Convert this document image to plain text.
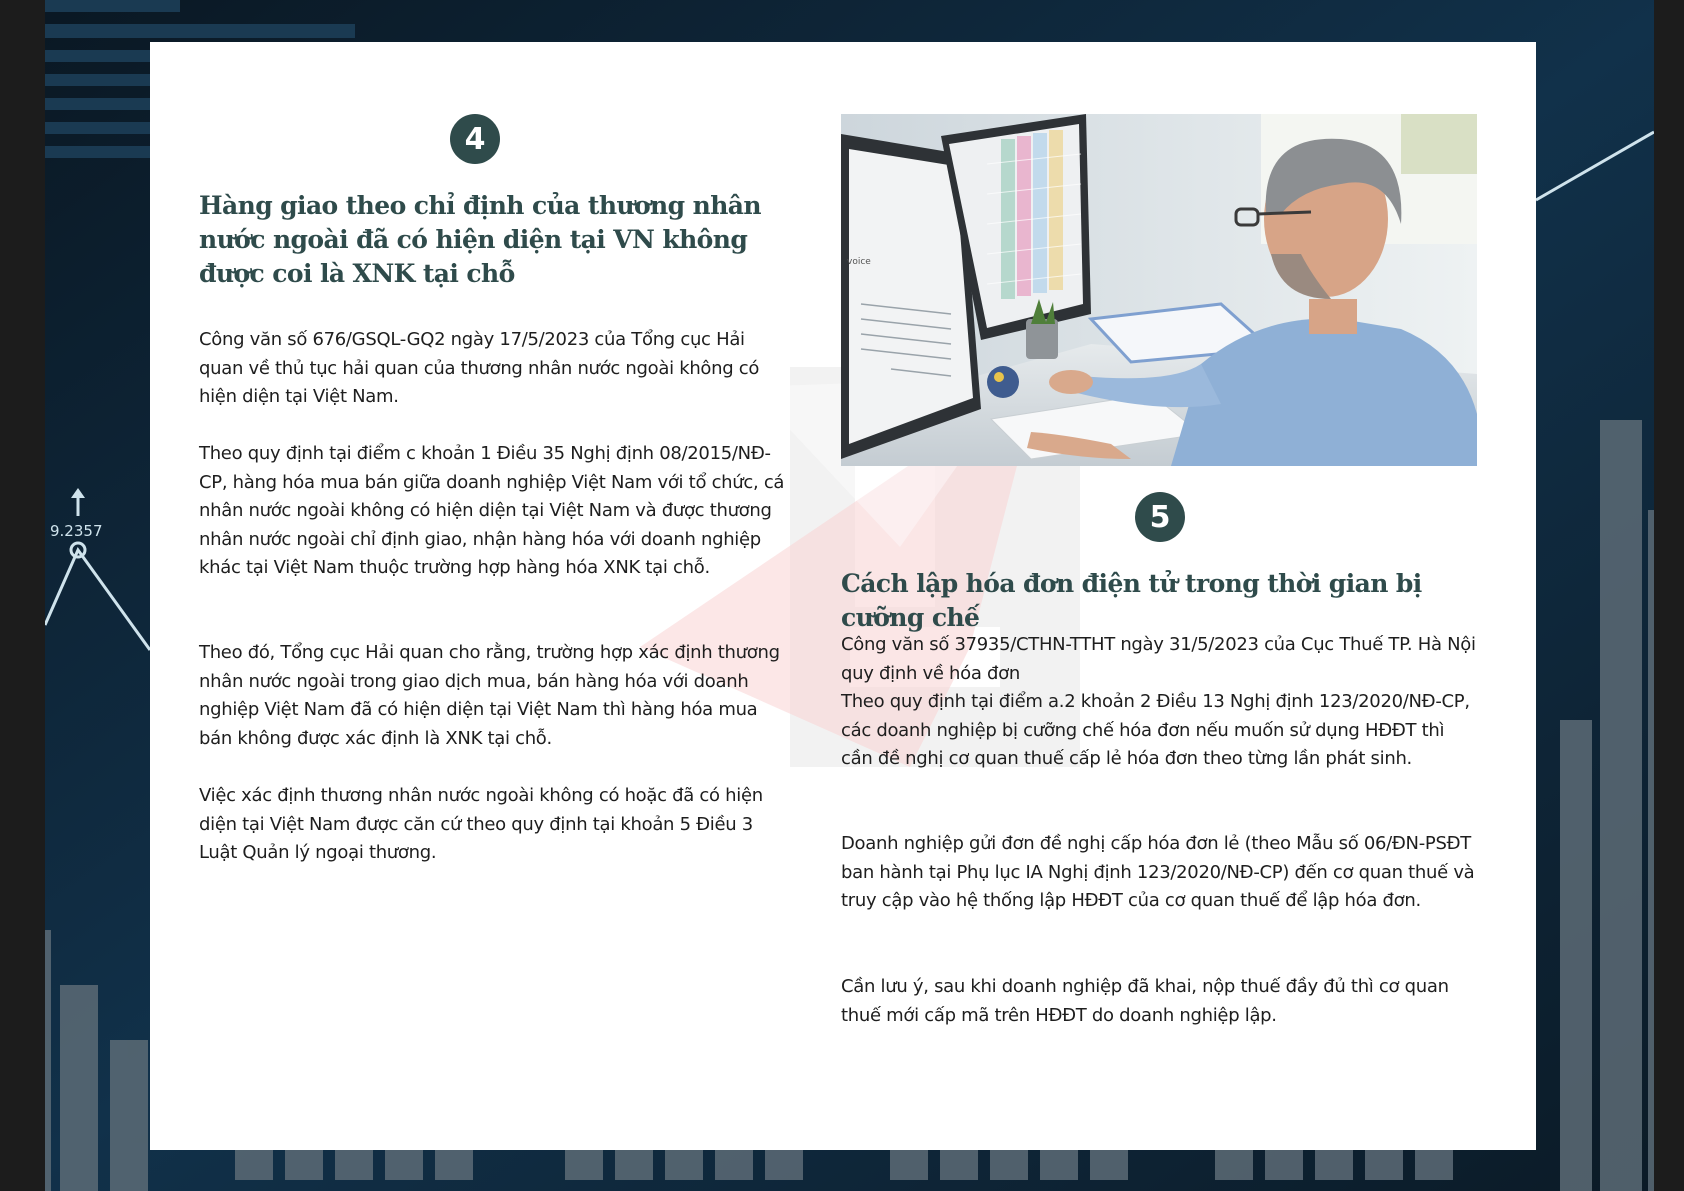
9.2357
4
Hàng giao theo chỉ định của thương nhân nước ngoài đã có hiện diện tại VN không được coi là XNK tại chỗ

Công văn số 676/GSQL-GQ2 ngày 17/5/2023 của Tổng cục Hải quan về thủ tục hải quan của thương nhân nước ngoài không có hiện diện tại Việt Nam.

Theo quy định tại điểm c khoản 1 Điều 35 Nghị định 08/2015/NĐ-CP, hàng hóa mua bán giữa doanh nghiệp Việt Nam với tổ chức, cá nhân nước ngoài không có hiện diện tại Việt Nam và được thương nhân nước ngoài chỉ định giao, nhận hàng hóa với doanh nghiệp khác tại Việt Nam thuộc trường hợp hàng hóa XNK tại chỗ.

Theo đó, Tổng cục Hải quan cho rằng, trường hợp xác định thương nhân nước ngoài trong giao dịch mua, bán hàng hóa với doanh nghiệp Việt Nam đã có hiện diện tại Việt Nam thì hàng hóa mua bán không được xác định là XNK tại chỗ.

Việc xác định thương nhân nước ngoài không có hoặc đã có hiện diện tại Việt Nam được căn cứ theo quy định tại khoản 5 Điều 3 Luật Quản lý ngoại thương.

voice
5
Cách lập hóa đơn điện tử trong thời gian bị cưỡng chế

Công văn số 37935/CTHN-TTHT ngày 31/5/2023 của Cục Thuế TP. Hà Nội quy định về hóa đơn

Theo quy định tại điểm a.2 khoản 2 Điều 13 Nghị định 123/2020/NĐ-CP, các doanh nghiệp bị cưỡng chế hóa đơn nếu muốn sử dụng HĐĐT thì cần đề nghị cơ quan thuế cấp lẻ hóa đơn theo từng lần phát sinh.

Doanh nghiệp gửi đơn đề nghị cấp hóa đơn lẻ (theo Mẫu số 06/ĐN-PSĐT ban hành tại Phụ lục IA Nghị định 123/2020/NĐ-CP) đến cơ quan thuế và truy cập vào hệ thống lập HĐĐT của cơ quan thuế để lập hóa đơn.

Cần lưu ý, sau khi doanh nghiệp đã khai, nộp thuế đầy đủ thì cơ quan thuế mới cấp mã trên HĐĐT do doanh nghiệp lập.
